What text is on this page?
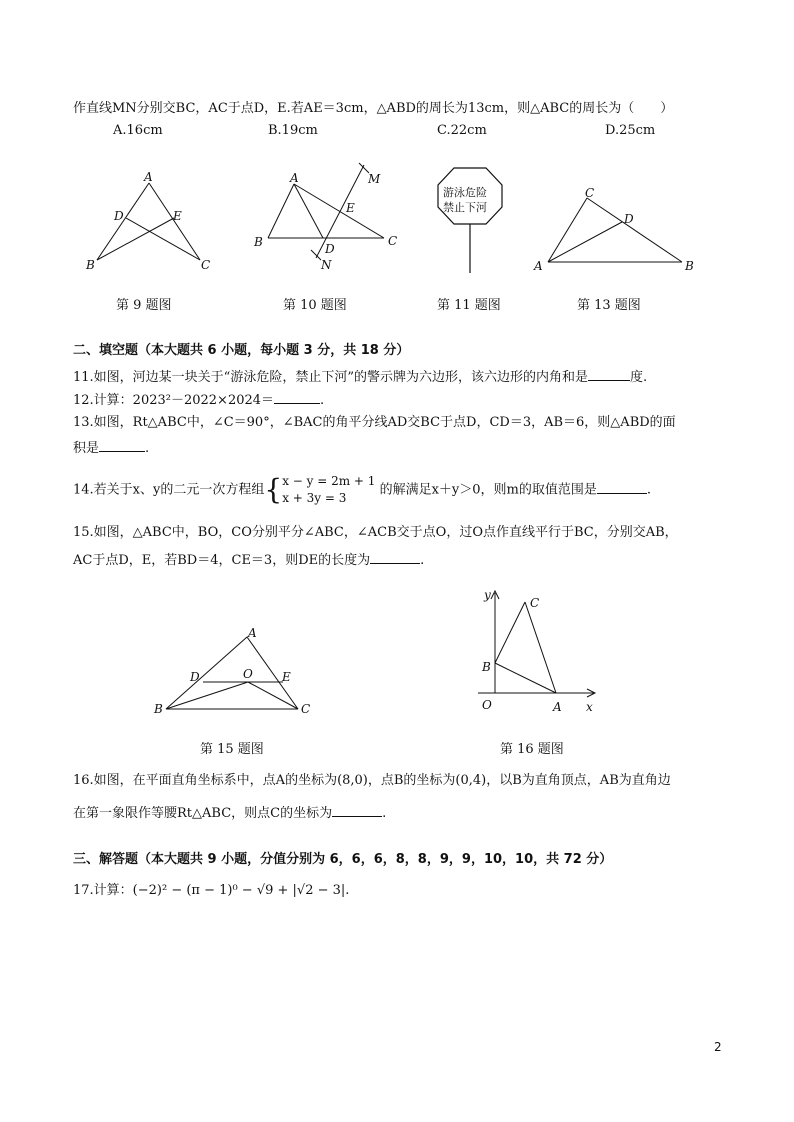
作直线MN分别交BC，AC于点D，E.若AE＝3cm，△ABD的周长为13cm，则△ABC的周长为（　　）
A.16cm	B.19cm	C.22cm	D.25cm
A
D	E
B	C
第 9 题图
A	M
E
B	C
D
N
第 10 题图
游泳危险
禁止下河
第 11 题图
C
D
A	B
第 13 题图
二、填空题（本大题共 6 小题，每小题 3 分，共 18 分）
11.如图，河边某一块关于“游泳危险，禁止下河”的警示牌为六边形，该六边形的内角和是	度.
12.计算：2023²－2022×2024＝	.
13.如图，Rt△ABC中，∠C＝90°，∠BAC的角平分线AD交BC于点D，CD＝3，AB＝6，则△ABD的面
积是	.
14.若关于x、y的二元一次方程组{x − y = 2m + 1
x + 3y = 3 的解满足x＋y＞0，则m的取值范围是	.
15.如图，△ABC中，BO，CO分别平分∠ABC，∠ACB交于点O，过O点作直线平行于BC，分别交AB，
AC于点D，E，若BD＝4，CE＝3，则DE的长度为	.
A
D	O E
B	C
第 15 题图
y
C
B
O	A x
第 16 题图
16.如图，在平面直角坐标系中，点A的坐标为(8,0)，点B的坐标为(0,4)，以B为直角顶点，AB为直角边
在第一象限作等腰Rt△ABC，则点C的坐标为	.
三、解答题（本大题共 9 小题，分值分别为 6，6，6，8，8，9，9，10，10，共 72 分）
17.计算：(−2)² − (π − 1)⁰ − √9 + |√2 − 3|.
2
